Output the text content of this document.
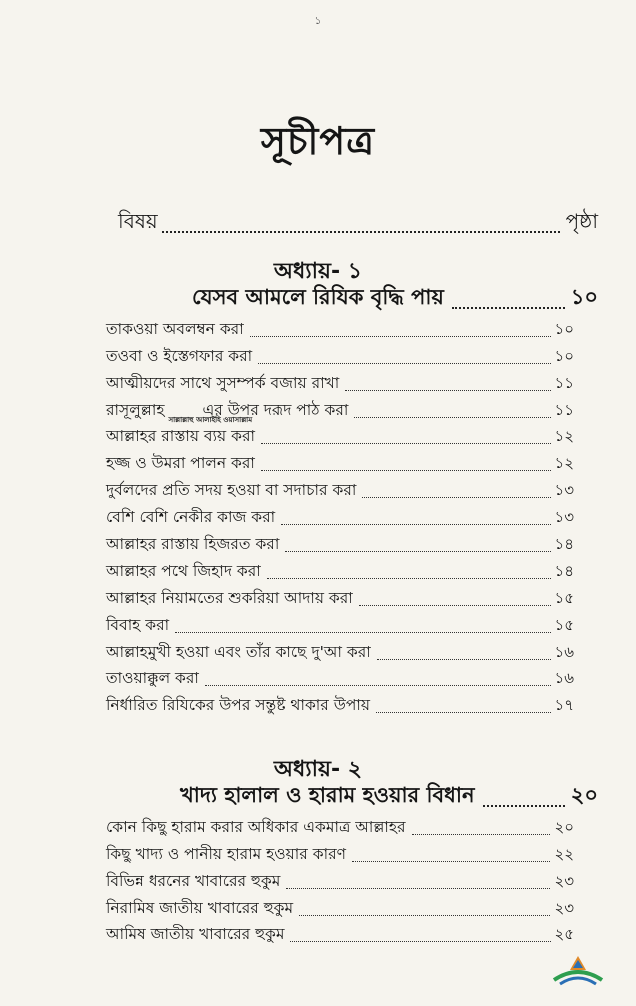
১
সূচীপত্র
বিষয়	পৃষ্ঠা
অধ্যায়- ১
যেসব আমলে রিযিক বৃদ্ধি পায়	১০
তাকওয়া অবলম্বন করা	১০
তওবা ও ইস্তেগফার করা	১০
আত্মীয়দের সাথে সুসম্পর্ক বজায় রাখা	১১
রাসূলুল্লাহ
সাল্লাল্লাহু আলাইহি ওয়াসাল্লাম
এর উপর দরূদ পাঠ করা	১১
আল্লাহর রাস্তায় ব্যয় করা	১২
হজ্জ ও উমরা পালন করা	১২
দুর্বলদের প্রতি সদয় হওয়া বা সদাচার করা	১৩
বেশি বেশি নেকীর কাজ করা	১৩
আল্লাহর রাস্তায় হিজরত করা	১৪
আল্লাহর পথে জিহাদ করা	১৪
আল্লাহর নিয়ামতের শুকরিয়া আদায় করা	১৫
বিবাহ করা	১৫
আল্লাহমুখী হওয়া এবং তাঁর কাছে দু'আ করা	১৬
তাওয়াক্কুল করা	১৬
নির্ধারিত রিযিকের উপর সন্তুষ্ট থাকার উপায়	১৭
অধ্যায়- ২
খাদ্য হালাল ও হারাম হওয়ার বিধান	২০
কোন কিছু হারাম করার অধিকার একমাত্র আল্লাহর	২০
কিছু খাদ্য ও পানীয় হারাম হওয়ার কারণ	২২
বিভিন্ন ধরনের খাবারের হুকুম	২৩
নিরামিষ জাতীয় খাবারের হুকুম	২৩
আমিষ জাতীয় খাবারের হুকুম	২৫
